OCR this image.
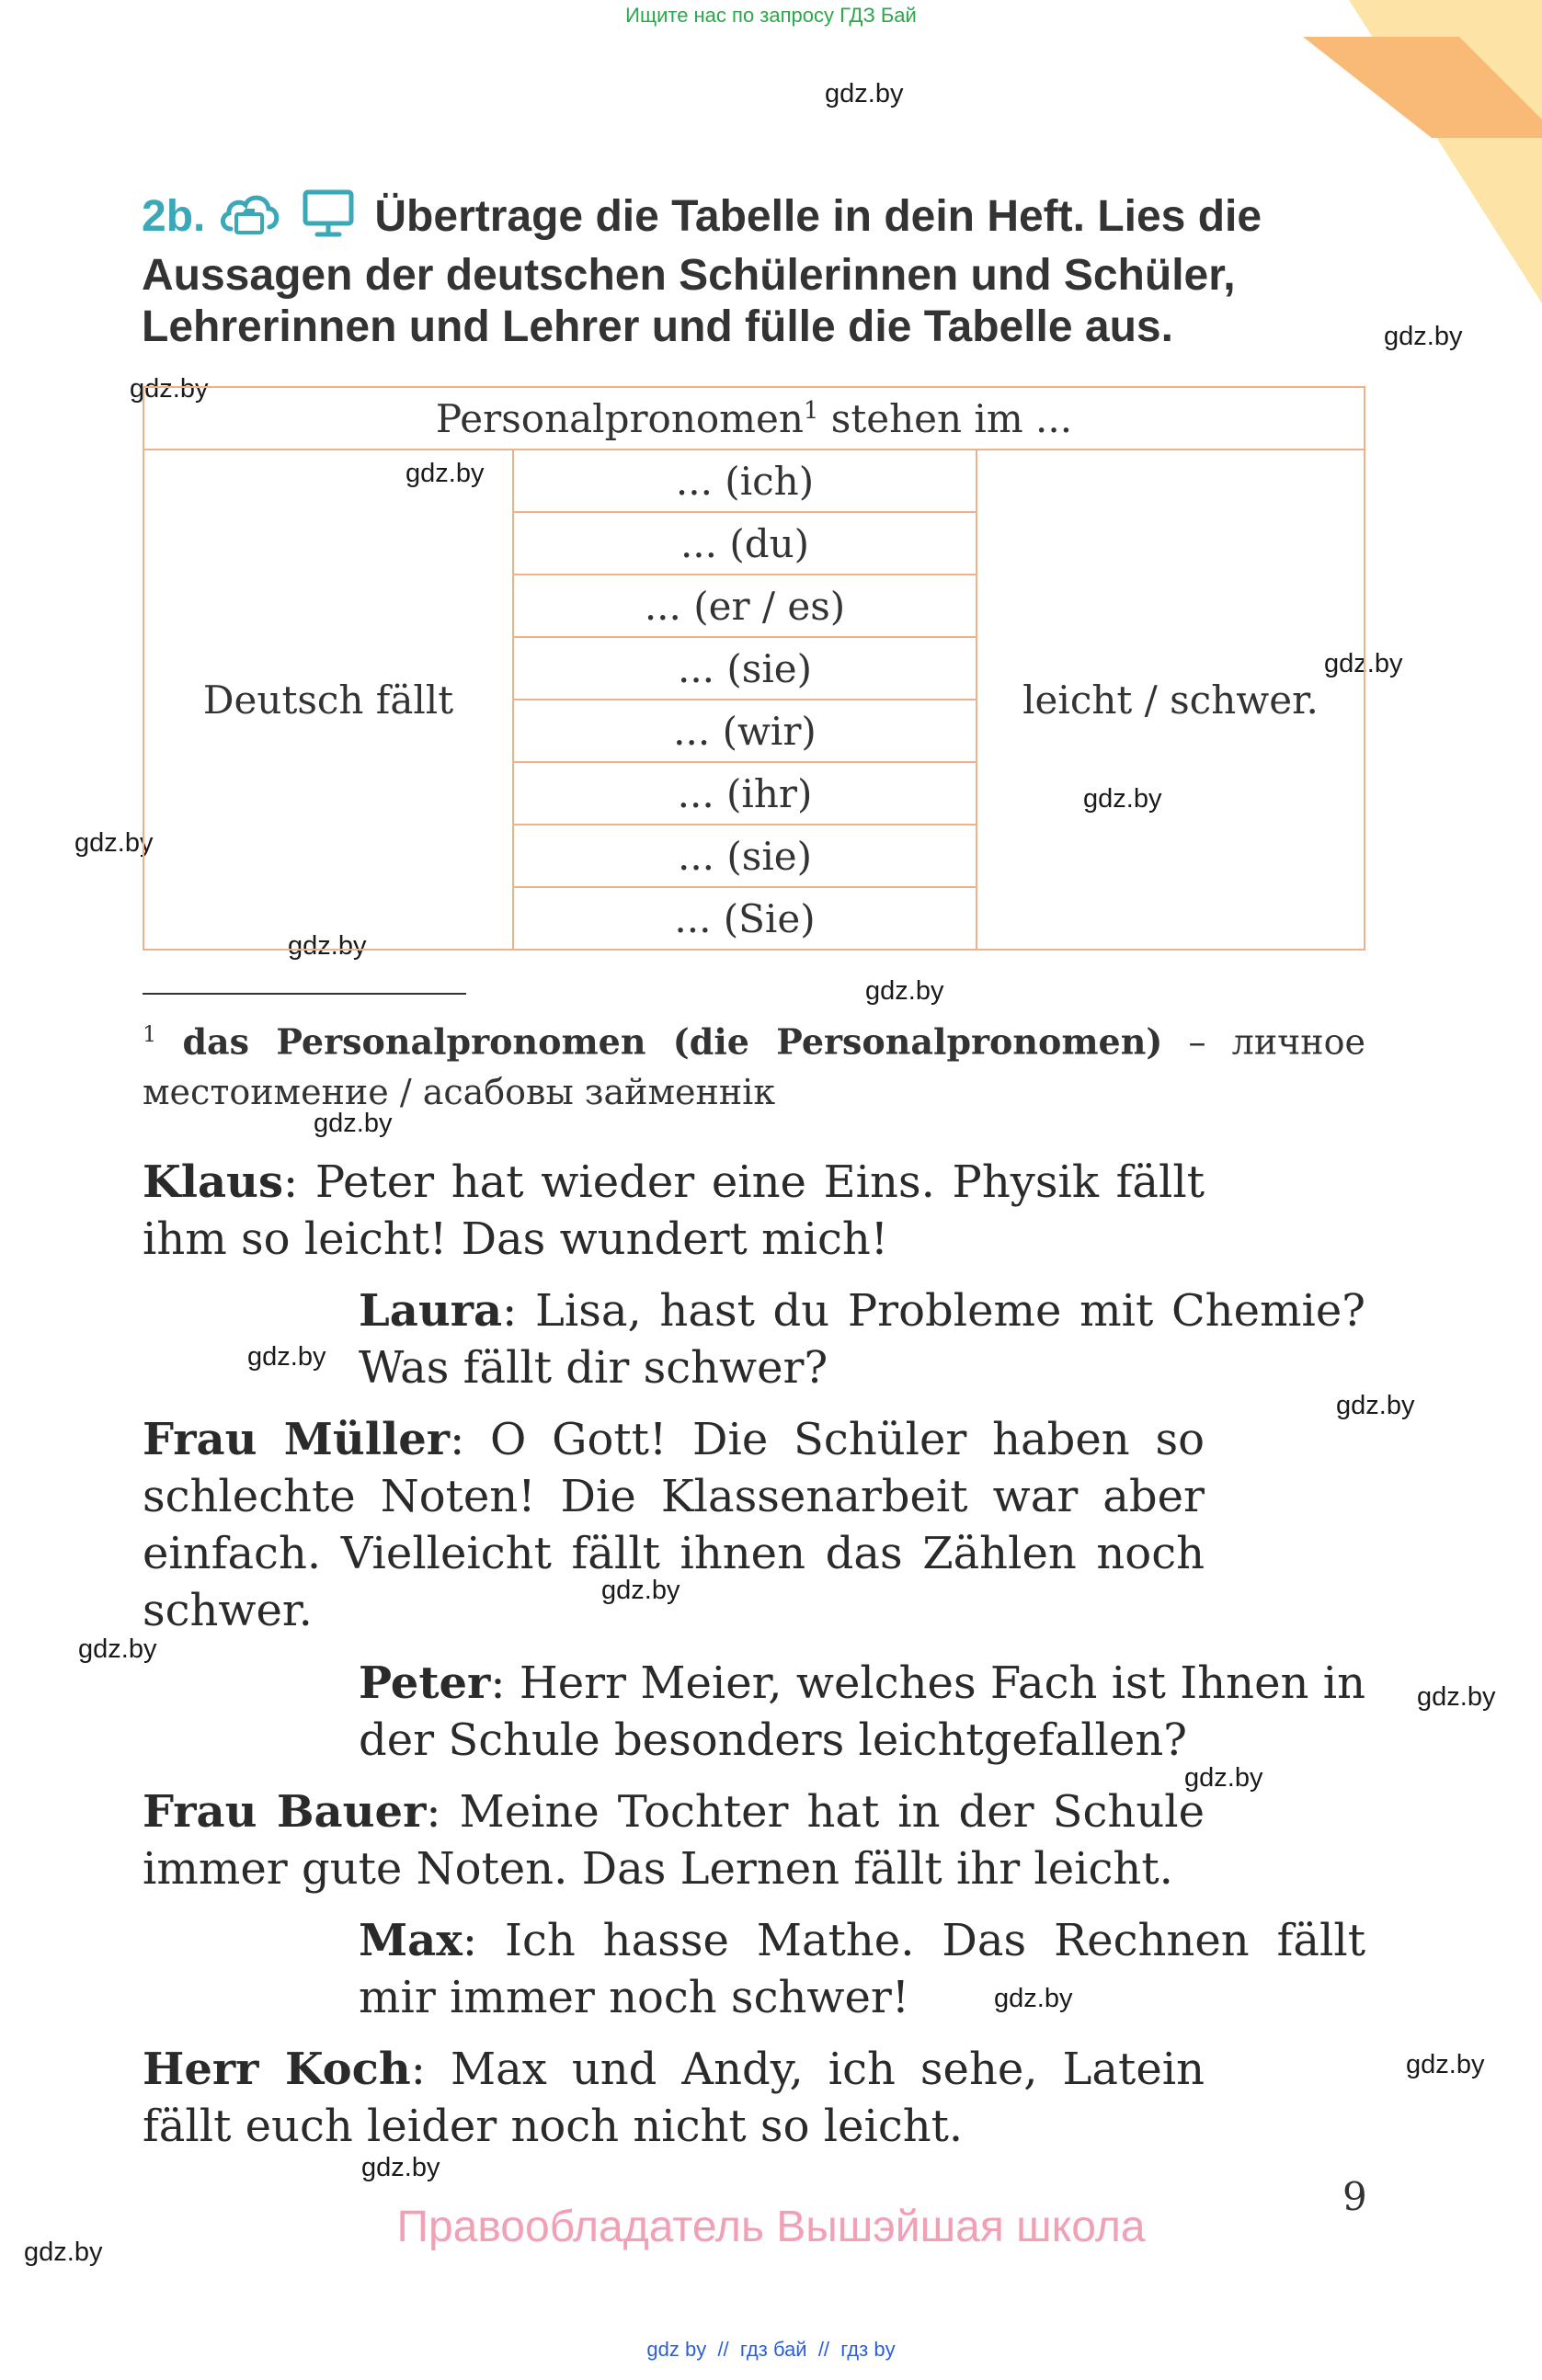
Ищите нас по запросу ГДЗ Бай
gdz.by
gdz.by
gdz.by
gdz.by
gdz.by
gdz.by
gdz.by
gdz.by
gdz.by
gdz.by
gdz.by
gdz.by
gdz.by
gdz.by
gdz.by
gdz.by
gdz.by
gdz.by
gdz.by
gdz.by
2b.	Übertrage die Tabelle in dein Heft. Lies die Aussagen der deutschen Schülerinnen und Schüler, Lehrerinnen und Lehrer und fülle die Tabelle aus.
Personalpronomen$^1$ stehen im ...
Deutsch fällt	... (ich)	leicht / schwer.
... (du)
... (er / es)
... (sie)
... (wir)
... (ihr)
... (sie)
... (Sie)
$^1$ das Personalpronomen (die Personalpronomen) – личное местоимение / асабовы займеннік
Klaus: Peter hat wieder eine Eins. Physik fällt ihm so leicht! Das wundert mich!
Laura: Lisa, hast du Probleme mit Chemie? Was fällt dir schwer?
Frau Müller: O Gott! Die Schüler haben so schlechte Noten! Die Klassenarbeit war aber einfach. Vielleicht fällt ihnen das Zählen noch schwer.
Peter: Herr Meier, welches Fach ist Ihnen in der Schule besonders leichtgefallen?
Frau Bauer: Meine Tochter hat in der Schule immer gute Noten. Das Lernen fällt ihr leicht.
Max: Ich hasse Mathe. Das Rechnen fällt mir immer noch schwer!
Herr Koch: Max und Andy, ich sehe, Latein fällt euch leider noch nicht so leicht.
9
Правообладатель Вышэйшая школа
gdz by  //  гдз бай  //  гдз by
